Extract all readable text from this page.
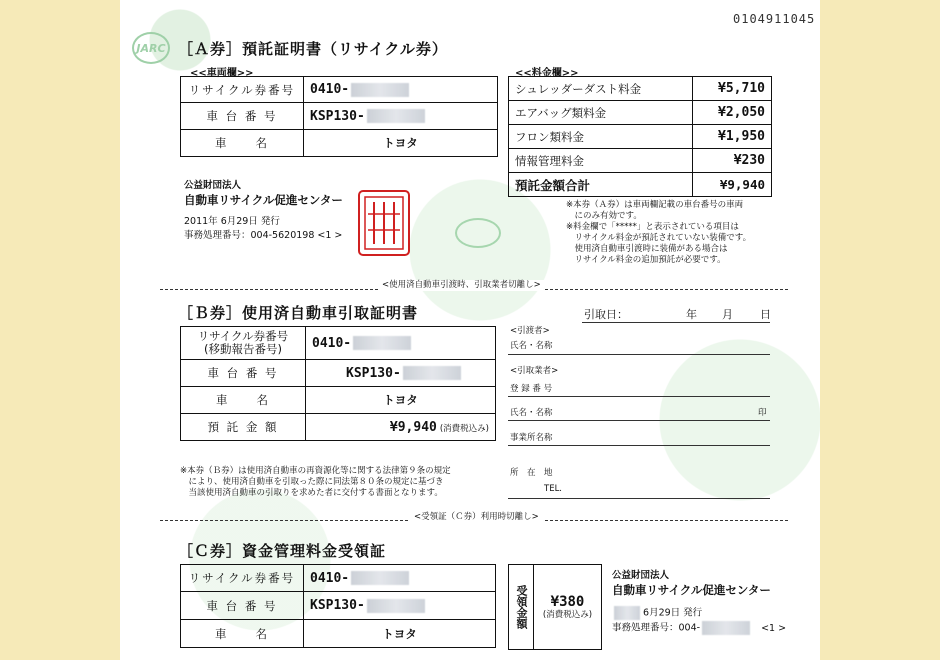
0104911045
JARC ［Ａ券］預託証明書（リサイクル券）
<<車両欄>>	<<料金欄>>
リサイクル券番号	0410-
車 台 番 号	KSP130-
車　　名	トヨタ
シュレッダーダスト料金	¥5,710
エアバッグ類料金	¥2,050
フロン類料金	¥1,950
情報管理料金	¥230
預託金額合計	¥9,940
公益財団法人
自動車リサイクル促進センター
2011年 6月29日 発行
事務処理番号：004-5620198 <1 >
※本券（Ａ券）は車両欄記載の車台番号の車両
　にのみ有効です。
※料金欄で「*****」と表示されている項目は
　リサイクル料金が預託されていない装備です。
　使用済自動車引渡時に装備がある場合は
　リサイクル料金の追加預託が必要です。
<使用済自動車引渡時、引取業者切離し>
［Ｂ券］使用済自動車引取証明書	引取日：	年 月 日
リサイクル券番号
(移動報告番号)	0410-
車 台 番 号	KSP130-
車　　名	トヨタ
預 託 金 額	¥9,940 (消費税込み)
<引渡者>
氏名・名称
<引取業者>
登 録 番 号
氏名・名称	印
事業所名称
所　在　地
TEL.
※本券（Ｂ券）は使用済自動車の再資源化等に関する法律第９条の規定
　により、使用済自動車を引取った際に同法第８０条の規定に基づき
　当該使用済自動車の引取りを求めた者に交付する書面となります。
<受領証（Ｃ券）利用時切離し>
［Ｃ券］資金管理料金受領証
リサイクル券番号	0410-
車 台 番 号	KSP130-
車　　名	トヨタ
受領金額	¥380
(消費税込み)
公益財団法人
自動車リサイクル促進センター
6月29日 発行
事務処理番号：004-	<1 >
